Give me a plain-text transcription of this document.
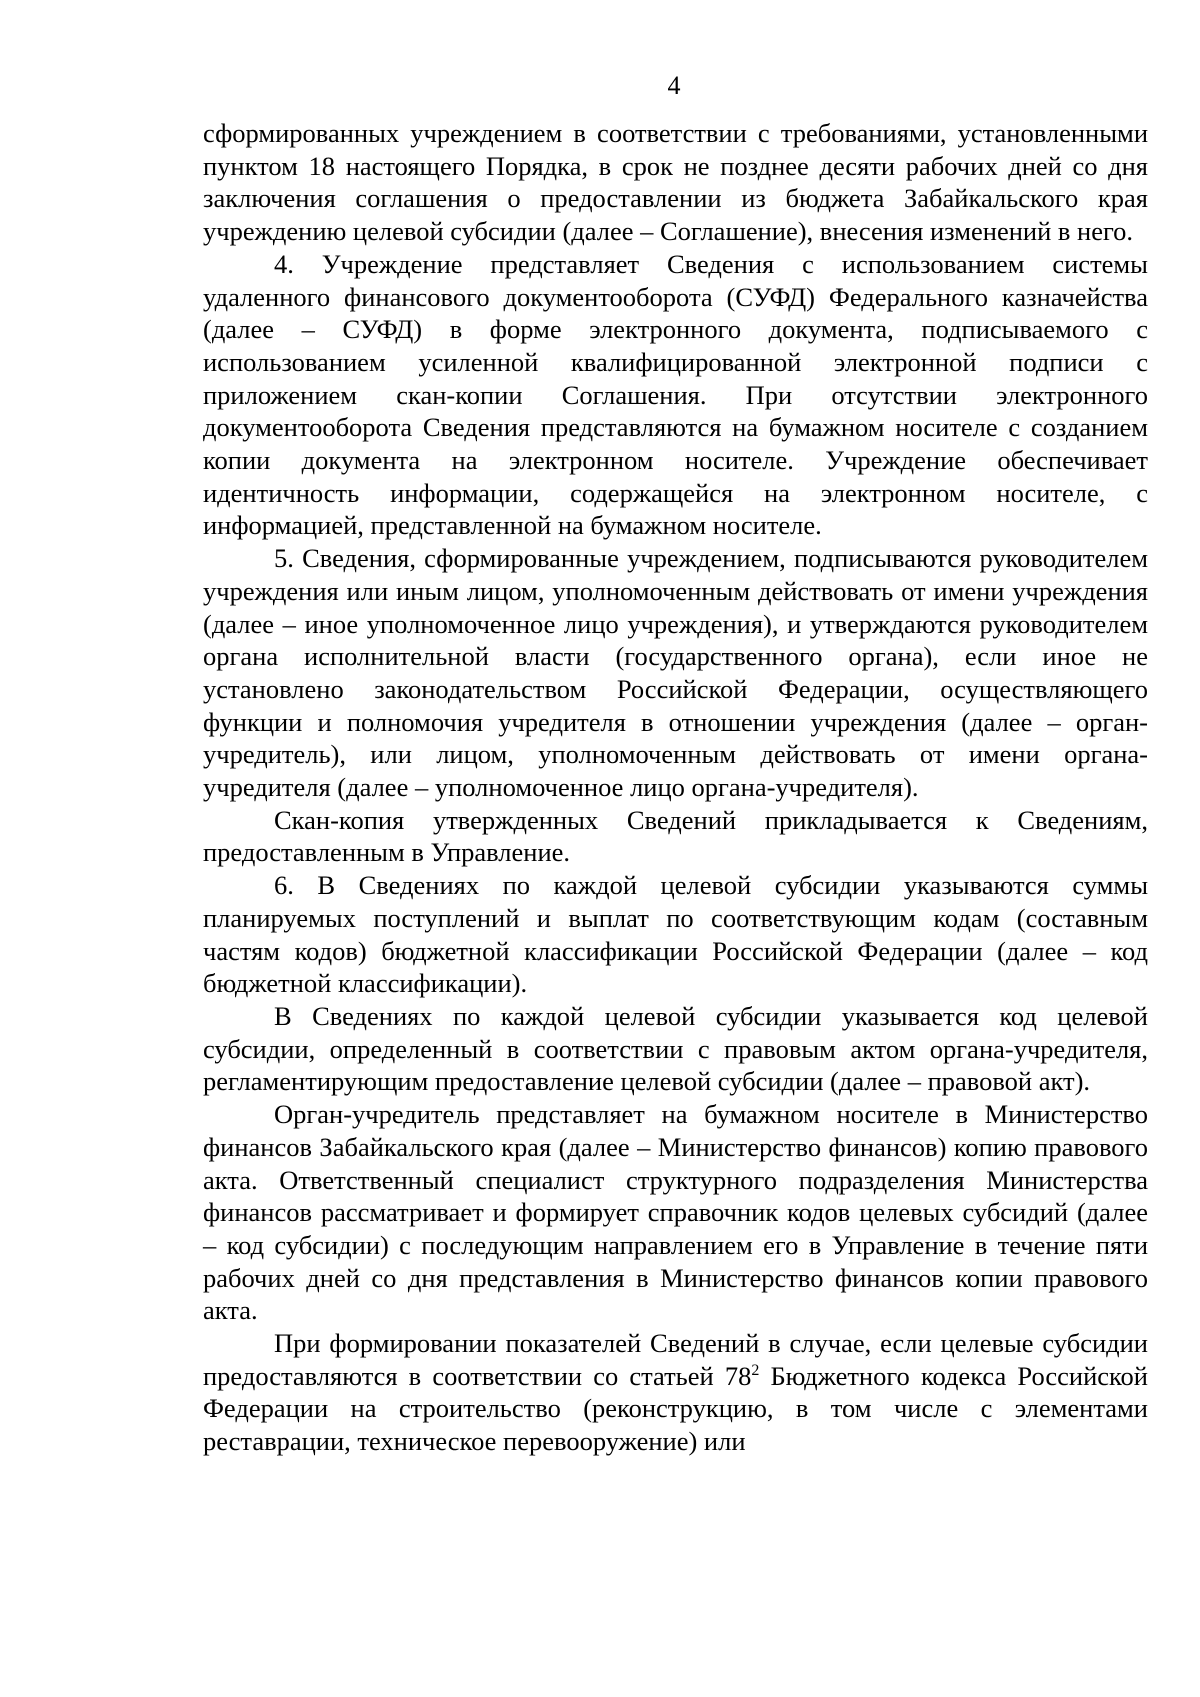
4

сформированных учреждением в соответствии с требованиями, установленными пунктом 18 настоящего Порядка, в срок не позднее десяти рабочих дней со дня заключения соглашения о предоставлении из бюджета Забайкальского края учреждению целевой субсидии (далее – Соглашение), внесения изменений в него.

4. Учреждение представляет Сведения с использованием системы удаленного финансового документооборота (СУФД) Федерального казначейства (далее – СУФД) в форме электронного документа, подписываемого с использованием усиленной квалифицированной электронной подписи с приложением скан-копии Соглашения. При отсутствии электронного документооборота Сведения представляются на бумажном носителе с созданием копии документа на электронном носителе. Учреждение обеспечивает идентичность информации, содержащейся на электронном носителе, с информацией, представленной на бумажном носителе.

5. Сведения, сформированные учреждением, подписываются руководителем учреждения или иным лицом, уполномоченным действовать от имени учреждения (далее – иное уполномоченное лицо учреждения), и утверждаются руководителем органа исполнительной власти (государственного органа), если иное не установлено законодательством Российской Федерации, осуществляющего функции и полномочия учредителя в отношении учреждения (далее – орган-учредитель), или лицом, уполномоченным действовать от имени органа-учредителя (далее – уполномоченное лицо органа-учредителя).

Скан-копия утвержденных Сведений прикладывается к Сведениям, предоставленным в Управление.

6. В Сведениях по каждой целевой субсидии указываются суммы планируемых поступлений и выплат по соответствующим кодам (составным частям кодов) бюджетной классификации Российской Федерации (далее – код бюджетной классификации).

В Сведениях по каждой целевой субсидии указывается код целевой субсидии, определенный в соответствии с правовым актом органа-учредителя, регламентирующим предоставление целевой субсидии (далее – правовой акт).

Орган-учредитель представляет на бумажном носителе в Министерство финансов Забайкальского края (далее – Министерство финансов) копию правового акта. Ответственный специалист структурного подразделения Министерства финансов рассматривает и формирует справочник кодов целевых субсидий (далее – код субсидии) с последующим направлением его в Управление в течение пяти рабочих дней со дня представления в Министерство финансов копии правового акта.

При формировании показателей Сведений в случае, если целевые субсидии предоставляются в соответствии со статьей $78^2$ Бюджетного кодекса Российской Федерации на строительство (реконструкцию, в том числе с элементами реставрации, техническое перевооружение) или
